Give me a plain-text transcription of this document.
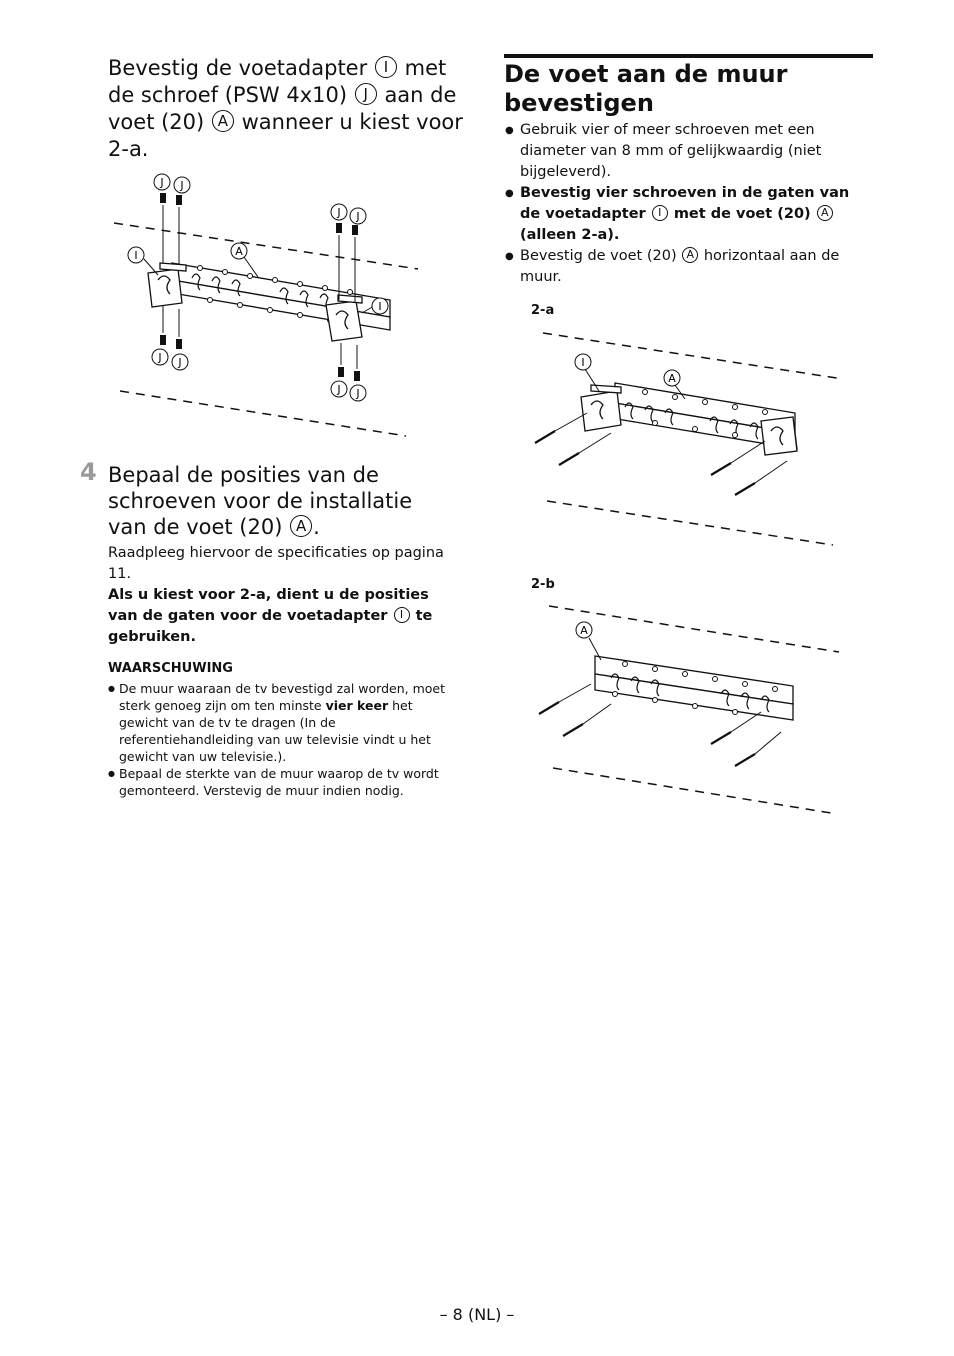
Bevestig de voetadapter I met de schroef (PSW 4x10) J aan de voet (20) A wanneer u kiest voor 2-a.
J J
J J
J J
J J
I
I
A
4 Bepaal de posities van de schroeven voor de installatie van de voet (20) A .

Raadpleeg hiervoor de specificaties op pagina 11.

Als u kiest voor 2-a, dient u de posities van de gaten voor de voetadapter I te gebruiken.

WAARSCHUWING
● De muur waaraan de tv bevestigd zal worden, moet sterk genoeg zijn om ten minste vier keer het gewicht van de tv te dragen (In de referentiehandleiding van uw televisie vindt u het gewicht van uw televisie.).
● Bepaal de sterkte van de muur waarop de tv wordt gemonteerd. Verstevig de muur indien nodig.
De voet aan de muur bevestigen
● Gebruik vier of meer schroeven met een diameter van 8 mm of gelijkwaardig (niet bijgeleverd).
● Bevestig vier schroeven in de gaten van de voetadapter I met de voet (20) A (alleen 2-a).
● Bevestig de voet (20) A horizontaal aan de muur.
2-a
I
A
2-b
A
– 8 (NL) –
